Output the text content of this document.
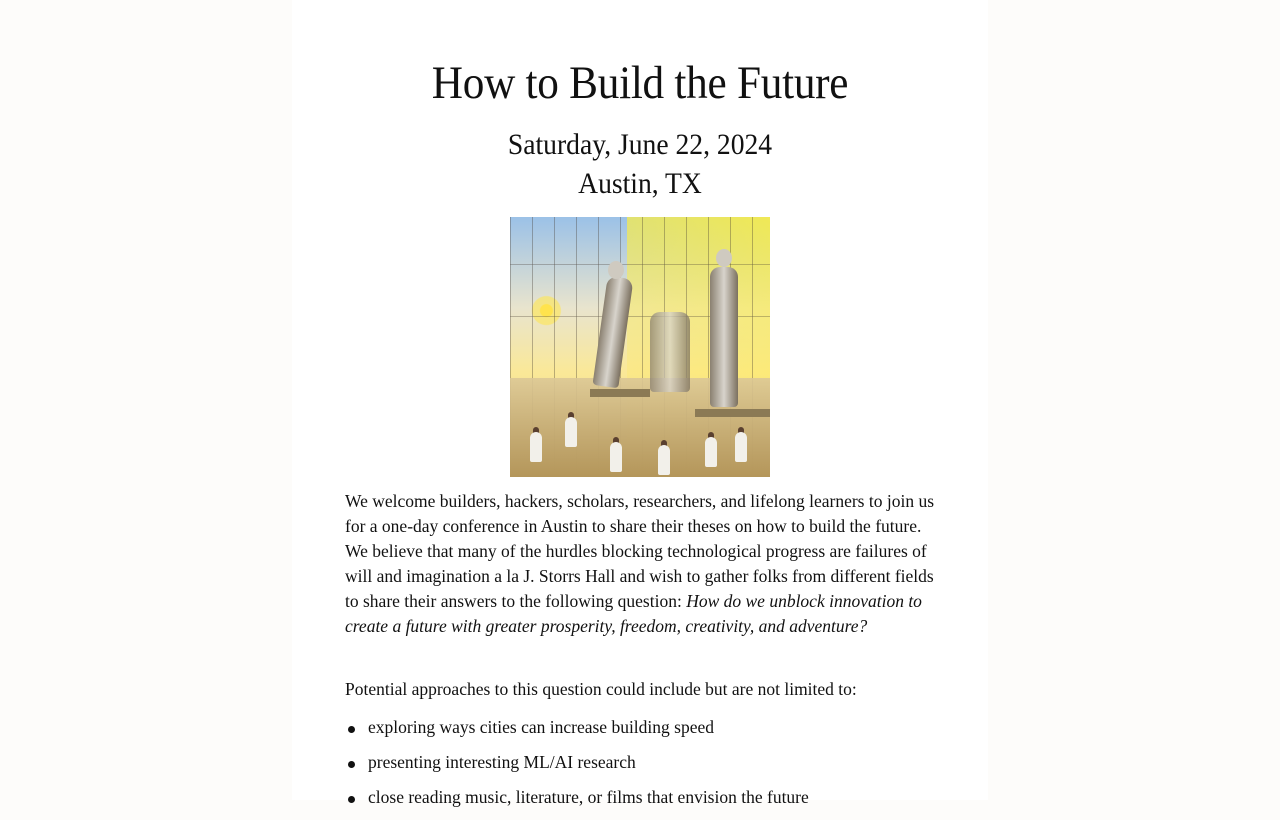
How to Build the Future
Saturday, June 22, 2024
Austin, TX

We welcome builders, hackers, scholars, researchers, and lifelong learners to join us for a one-day conference in Austin to share their theses on how to build the future. We believe that many of the hurdles blocking technological progress are failures of will and imagination a la J. Storrs Hall and wish to gather folks from different fields to share their answers to the following question: How do we unblock innovation to create a future with greater prosperity, freedom, creativity, and adventure?

Potential approaches to this question could include but are not limited to:

exploring ways cities can increase building speed
presenting interesting ML/AI research
close reading music, literature, or films that envision the future
